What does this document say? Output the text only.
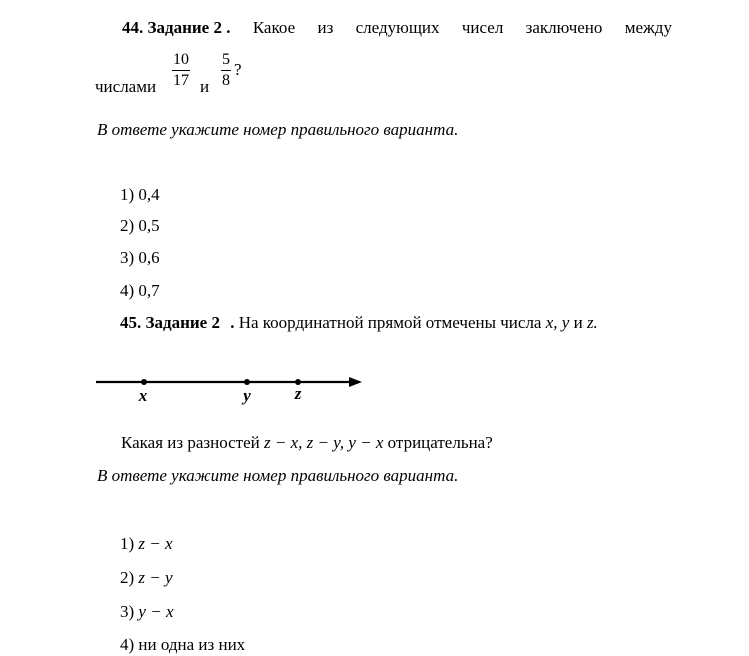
44. Задание 2 . Какое из следующих чисел заключено между
числами $\frac{10}{17}$ и $\frac{5}{8}$ ?
В ответе укажите номер правильного варианта.
1) 0,4
2) 0,5
3) 0,6
4) 0,7
45. Задание 2 . На координатной прямой отмечены числа x, y и z.
x	y	z
Какая из разностей z − x, z − y, y − x отрицательна?
В ответе укажите номер правильного варианта.
1) z − x
2) z − y
3) y − x
4) ни одна из них
